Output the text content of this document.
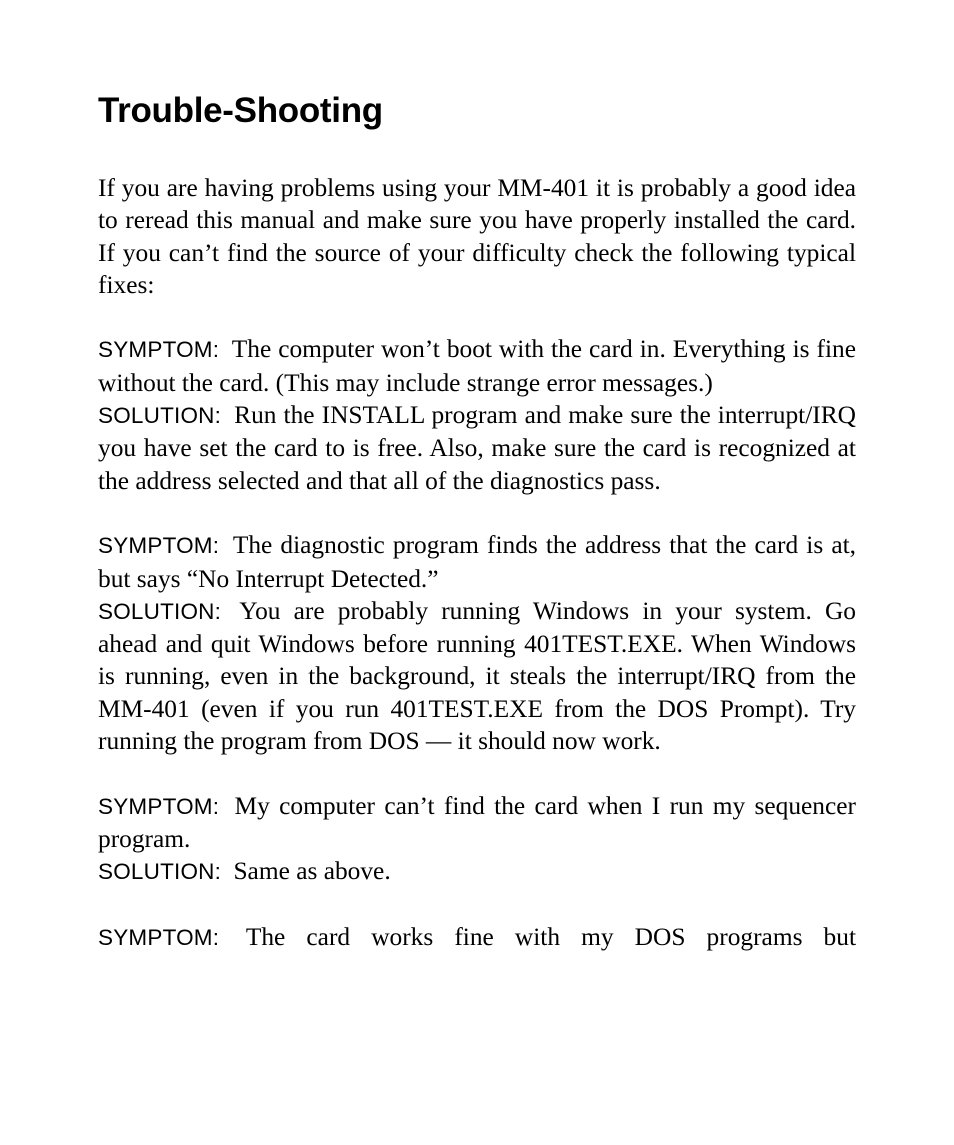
Trouble-Shooting

If you are having problems using your MM-401 it is probably a good idea to reread this manual and make sure you have properly installed the card. If you can’t find the source of your difficulty check the following typical fixes:

SYMPTOM: The computer won’t boot with the card in. Everything is fine without the card. (This may include strange error messages.)

SOLUTION: Run the INSTALL program and make sure the interrupt/IRQ you have set the card to is free. Also, make sure the card is recognized at the address selected and that all of the diagnostics pass.

SYMPTOM: The diagnostic program finds the address that the card is at, but says “No Interrupt Detected.”

SOLUTION: You are probably running Windows in your system. Go ahead and quit Windows before running 401TEST.EXE. When Windows is running, even in the background, it steals the interrupt/IRQ from the MM-401 (even if you run 401TEST.EXE from the DOS Prompt). Try running the program from DOS — it should now work.

SYMPTOM: My computer can’t find the card when I run my sequencer program.

SOLUTION: Same as above.

SYMPTOM: The card works fine with my DOS programs but
